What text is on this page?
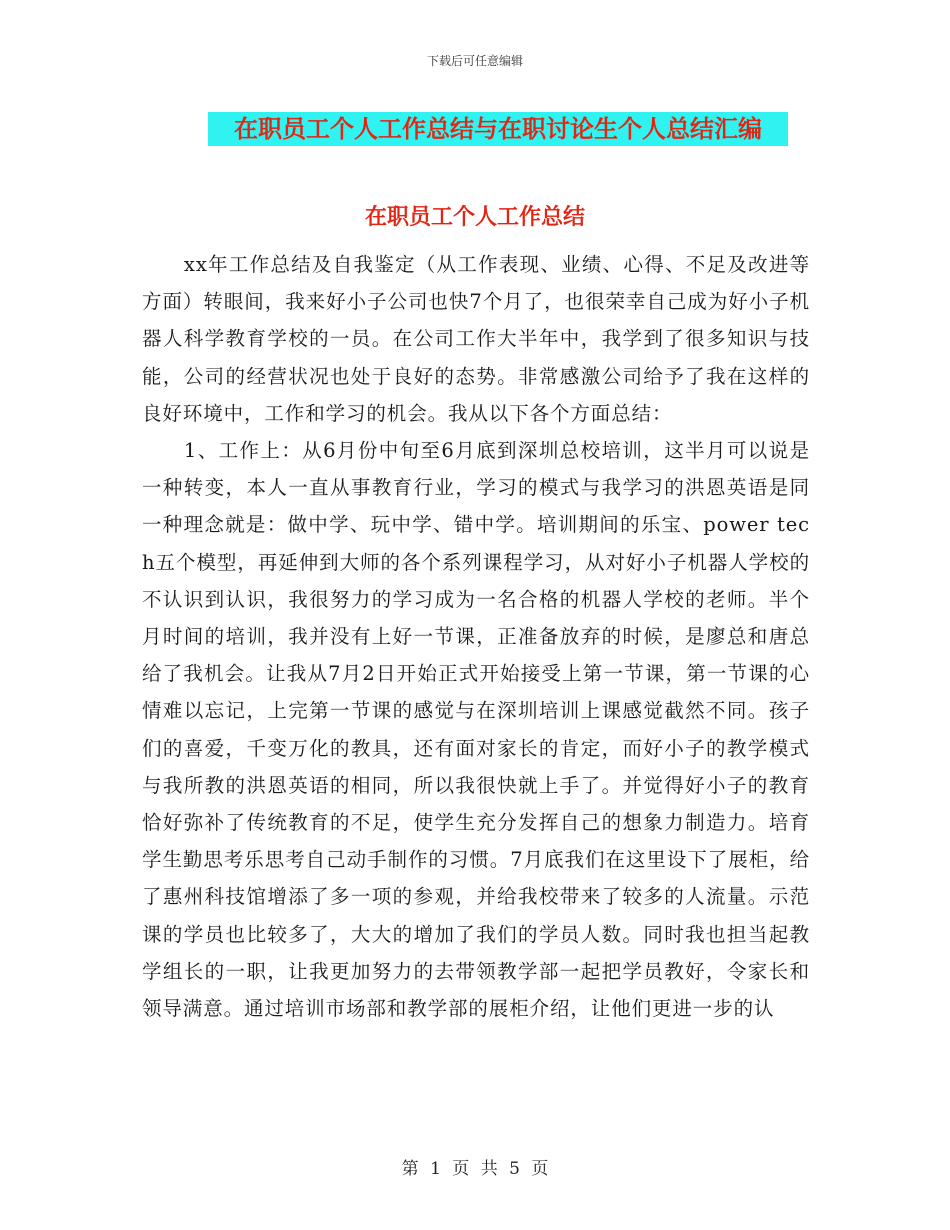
下载后可任意编辑
在职员工个人工作总结与在职讨论生个人总结汇编
在职员工个人工作总结

xx年工作总结及自我鉴定（从工作表现、业绩、心得、不足及改进等方面）转眼间，我来好小子公司也快7个月了，也很荣幸自己成为好小子机器人科学教育学校的一员。在公司工作大半年中，我学到了很多知识与技能，公司的经营状况也处于良好的态势。非常感激公司给予了我在这样的良好环境中，工作和学习的机会。我从以下各个方面总结：

1、工作上：从6月份中旬至6月底到深圳总校培训，这半月可以说是一种转变，本人一直从事教育行业，学习的模式与我学习的洪恩英语是同一种理念就是：做中学、玩中学、错中学。培训期间的乐宝、power tech五个模型，再延伸到大师的各个系列课程学习，从对好小子机器人学校的不认识到认识，我很努力的学习成为一名合格的机器人学校的老师。半个月时间的培训，我并没有上好一节课，正准备放弃的时候，是廖总和唐总给了我机会。让我从7月2日开始正式开始接受上第一节课，第一节课的心情难以忘记，上完第一节课的感觉与在深圳培训上课感觉截然不同。孩子们的喜爱，千变万化的教具，还有面对家长的肯定，而好小子的教学模式与我所教的洪恩英语的相同，所以我很快就上手了。并觉得好小子的教育恰好弥补了传统教育的不足，使学生充分发挥自己的想象力制造力。培育学生勤思考乐思考自己动手制作的习惯。7月底我们在这里设下了展柜，给了惠州科技馆增添了多一项的参观，并给我校带来了较多的人流量。示范课的学员也比较多了，大大的增加了我们的学员人数。同时我也担当起教学组长的一职，让我更加努力的去带领教学部一起把学员教好，令家长和领导满意。通过培训市场部和教学部的展柜介绍，让他们更进一步的认

第 1 页 共 5 页
